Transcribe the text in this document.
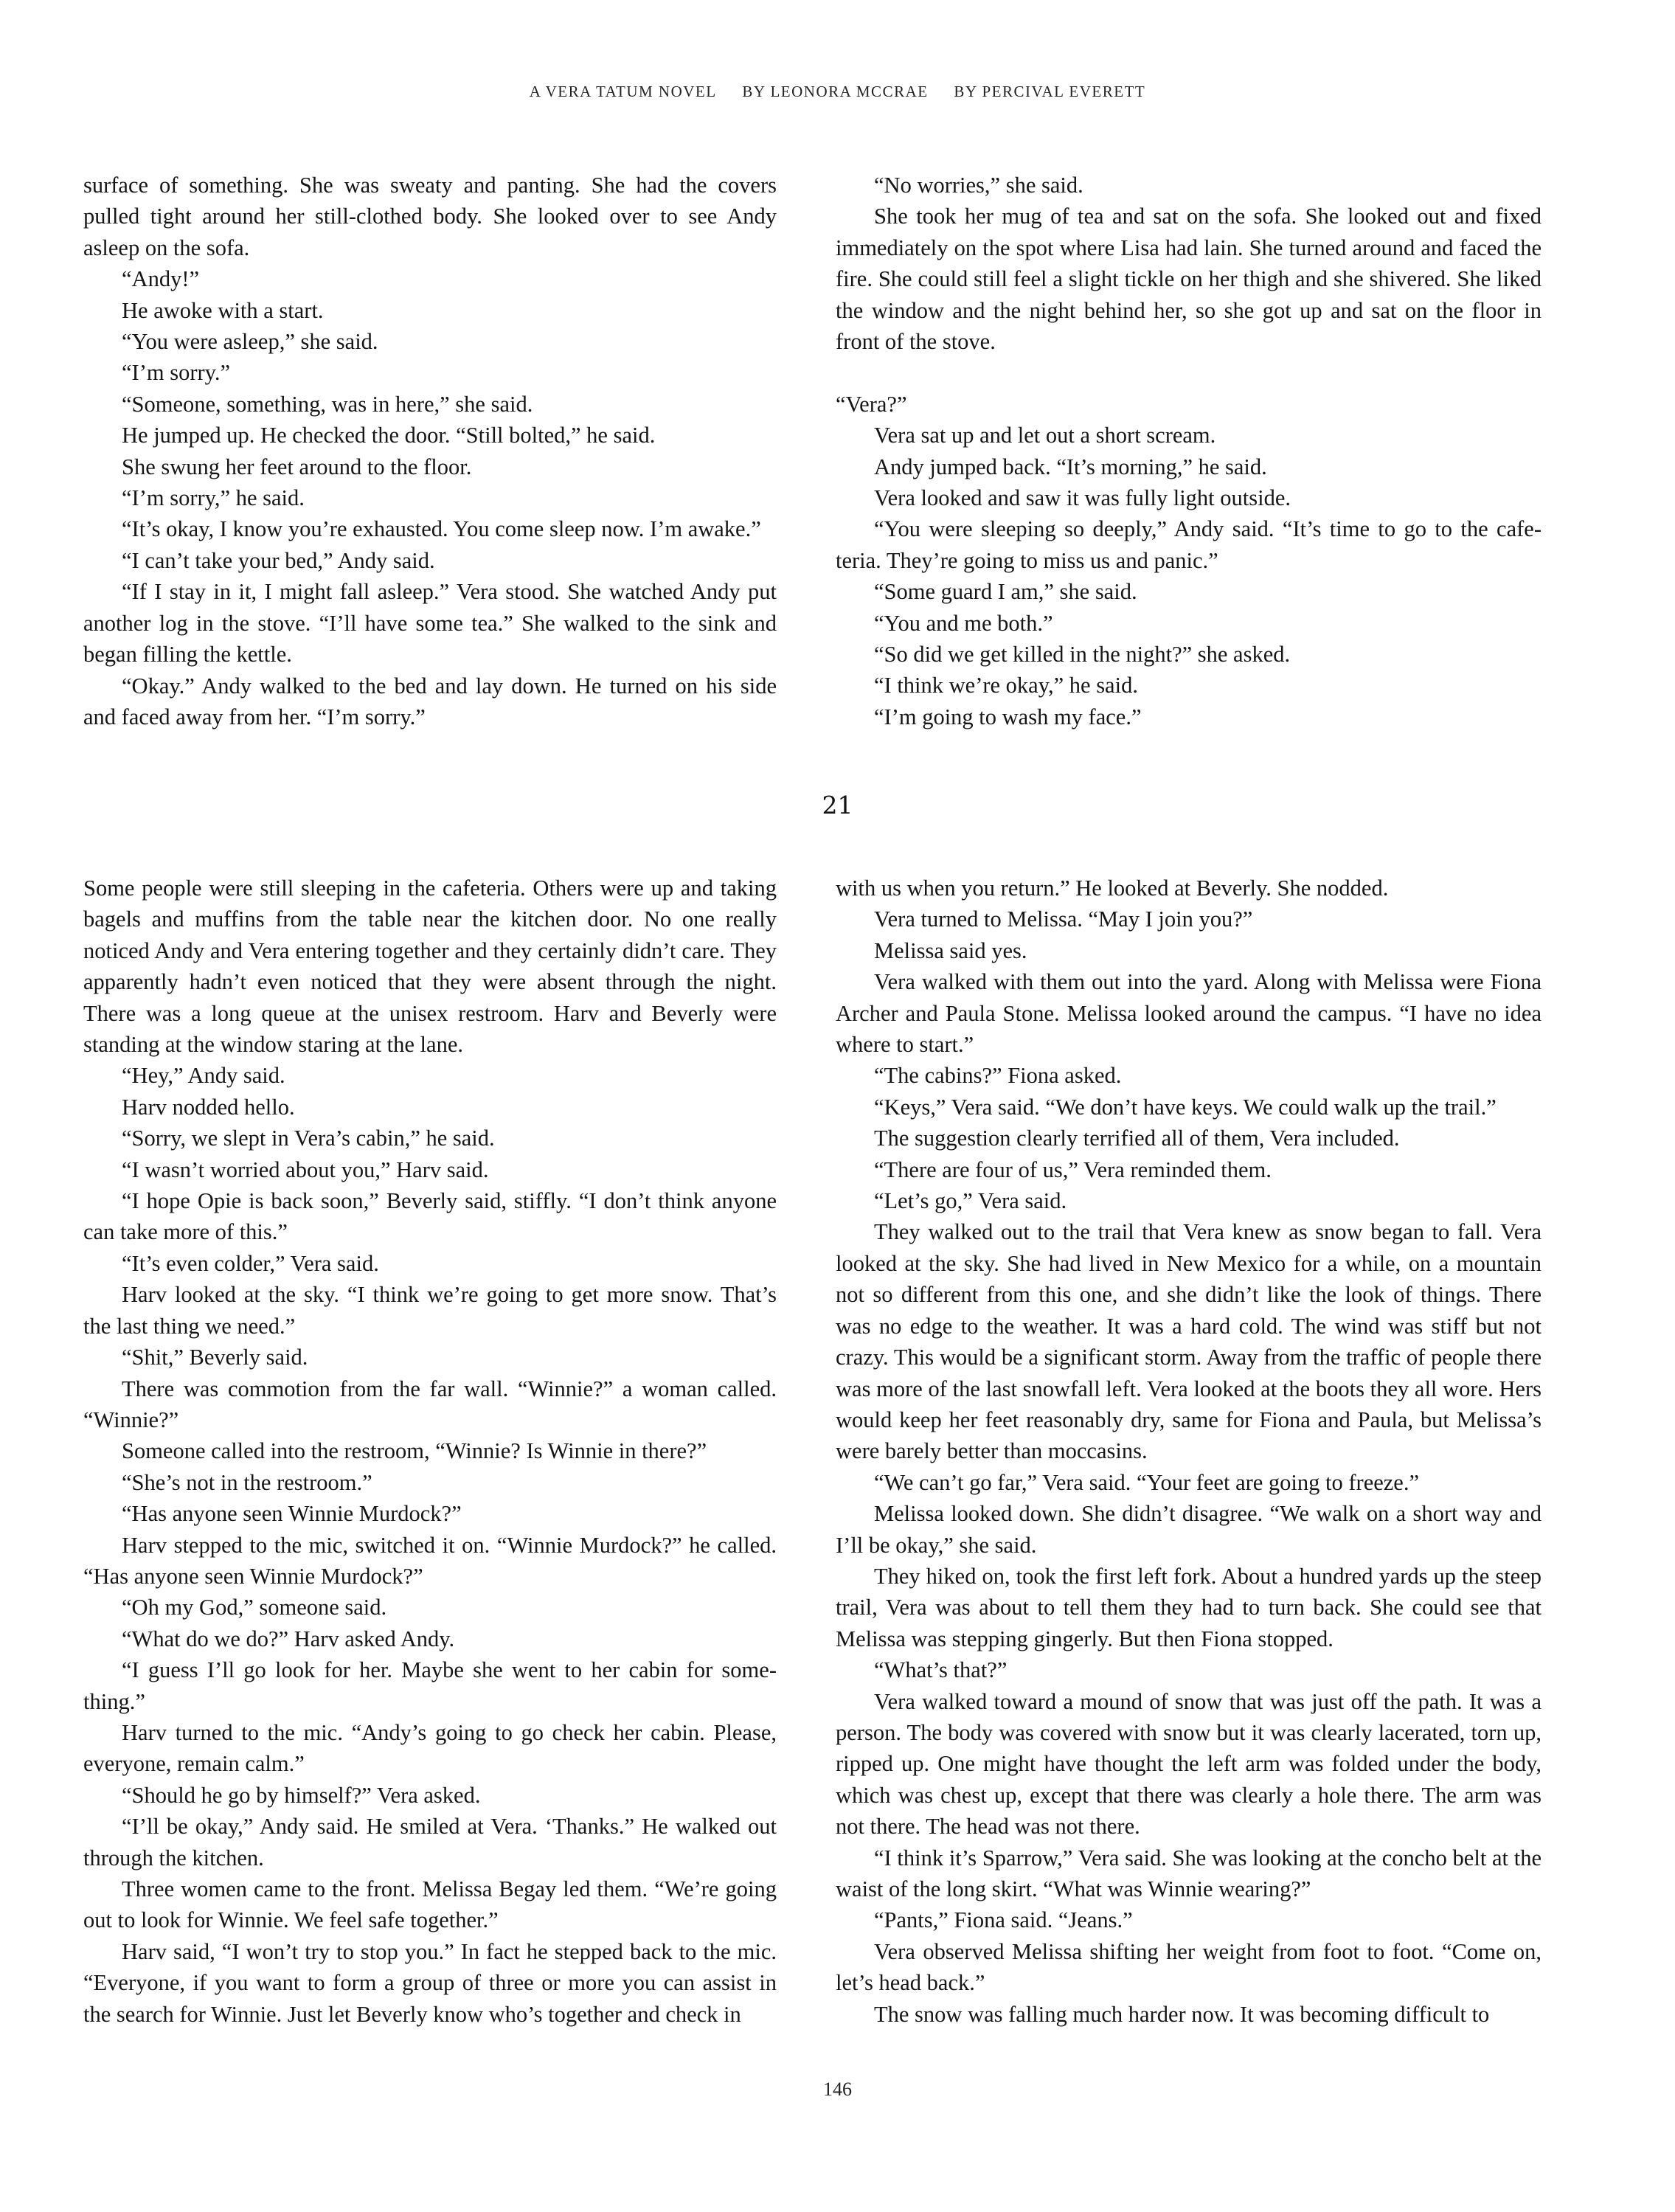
A VERA TATUM NOVEL BY LEONORA MCCRAE BY PERCIVAL EVERETT

surface of something. She was sweaty and panting. She had the covers pulled tight around her still-clothed body. She looked over to see Andy asleep on the sofa.

“Andy!”

He awoke with a start.

“You were asleep,” she said.

“I’m sorry.”

“Someone, something, was in here,” she said.

He jumped up. He checked the door. “Still bolted,” he said.

She swung her feet around to the floor.

“I’m sorry,” he said.

“It’s okay, I know you’re exhausted. You come sleep now. I’m awake.”

“I can’t take your bed,” Andy said.

“If I stay in it, I might fall asleep.” Vera stood. She watched Andy put another log in the stove. “I’ll have some tea.” She walked to the sink and began filling the kettle.

“Okay.” Andy walked to the bed and lay down. He turned on his side and faced away from her. “I’m sorry.”

“No worries,” she said.

She took her mug of tea and sat on the sofa. She looked out and fixed immediately on the spot where Lisa had lain. She turned around and faced the fire. She could still feel a slight tickle on her thigh and she shivered. She liked the window and the night behind her, so she got up and sat on the floor in front of the stove.

“Vera?”

Vera sat up and let out a short scream.

Andy jumped back. “It’s morning,” he said.

Vera looked and saw it was fully light outside.

“You were sleeping so deeply,” Andy said. “It’s time to go to the cafeteria. They’re going to miss us and panic.”

“Some guard I am,” she said.

“You and me both.”

“So did we get killed in the night?” she asked.

“I think we’re okay,” he said.

“I’m going to wash my face.”

21

Some people were still sleeping in the cafeteria. Others were up and taking bagels and muffins from the table near the kitchen door. No one really noticed Andy and Vera entering together and they certainly didn’t care. They apparently hadn’t even noticed that they were absent through the night. There was a long queue at the unisex restroom. Harv and Beverly were standing at the window staring at the lane.

“Hey,” Andy said.

Harv nodded hello.

“Sorry, we slept in Vera’s cabin,” he said.

“I wasn’t worried about you,” Harv said.

“I hope Opie is back soon,” Beverly said, stiffly. “I don’t think anyone can take more of this.”

“It’s even colder,” Vera said.

Harv looked at the sky. “I think we’re going to get more snow. That’s the last thing we need.”

“Shit,” Beverly said.

There was commotion from the far wall. “Winnie?” a woman called. “Winnie?”

Someone called into the restroom, “Winnie? Is Winnie in there?”

“She’s not in the restroom.”

“Has anyone seen Winnie Murdock?”

Harv stepped to the mic, switched it on. “Winnie Murdock?” he called. “Has anyone seen Winnie Murdock?”

“Oh my God,” someone said.

“What do we do?” Harv asked Andy.

“I guess I’ll go look for her. Maybe she went to her cabin for something.”

Harv turned to the mic. “Andy’s going to go check her cabin. Please, everyone, remain calm.”

“Should he go by himself?” Vera asked.

“I’ll be okay,” Andy said. He smiled at Vera. ‘Thanks.” He walked out through the kitchen.

Three women came to the front. Melissa Begay led them. “We’re going out to look for Winnie. We feel safe together.”

Harv said, “I won’t try to stop you.” In fact he stepped back to the mic. “Everyone, if you want to form a group of three or more you can assist in the search for Winnie. Just let Beverly know who’s together and check in

with us when you return.” He looked at Beverly. She nodded.

Vera turned to Melissa. “May I join you?”

Melissa said yes.

Vera walked with them out into the yard. Along with Melissa were Fiona Archer and Paula Stone. Melissa looked around the campus. “I have no idea where to start.”

“The cabins?” Fiona asked.

“Keys,” Vera said. “We don’t have keys. We could walk up the trail.”

The suggestion clearly terrified all of them, Vera included.

“There are four of us,” Vera reminded them.

“Let’s go,” Vera said.

They walked out to the trail that Vera knew as snow began to fall. Vera looked at the sky. She had lived in New Mexico for a while, on a mountain not so different from this one, and she didn’t like the look of things. There was no edge to the weather. It was a hard cold. The wind was stiff but not crazy. This would be a significant storm. Away from the traffic of people there was more of the last snowfall left. Vera looked at the boots they all wore. Hers would keep her feet reasonably dry, same for Fiona and Paula, but Melissa’s were barely better than moccasins.

“We can’t go far,” Vera said. “Your feet are going to freeze.”

Melissa looked down. She didn’t disagree. “We walk on a short way and I’ll be okay,” she said.

They hiked on, took the first left fork. About a hundred yards up the steep trail, Vera was about to tell them they had to turn back. She could see that Melissa was stepping gingerly. But then Fiona stopped.

“What’s that?”

Vera walked toward a mound of snow that was just off the path. It was a person. The body was covered with snow but it was clearly lacerated, torn up, ripped up. One might have thought the left arm was folded under the body, which was chest up, except that there was clearly a hole there. The arm was not there. The head was not there.

“I think it’s Sparrow,” Vera said. She was looking at the concho belt at the waist of the long skirt. “What was Winnie wearing?”

“Pants,” Fiona said. “Jeans.”

Vera observed Melissa shifting her weight from foot to foot. “Come on, let’s head back.”

The snow was falling much harder now. It was becoming difficult to

146
